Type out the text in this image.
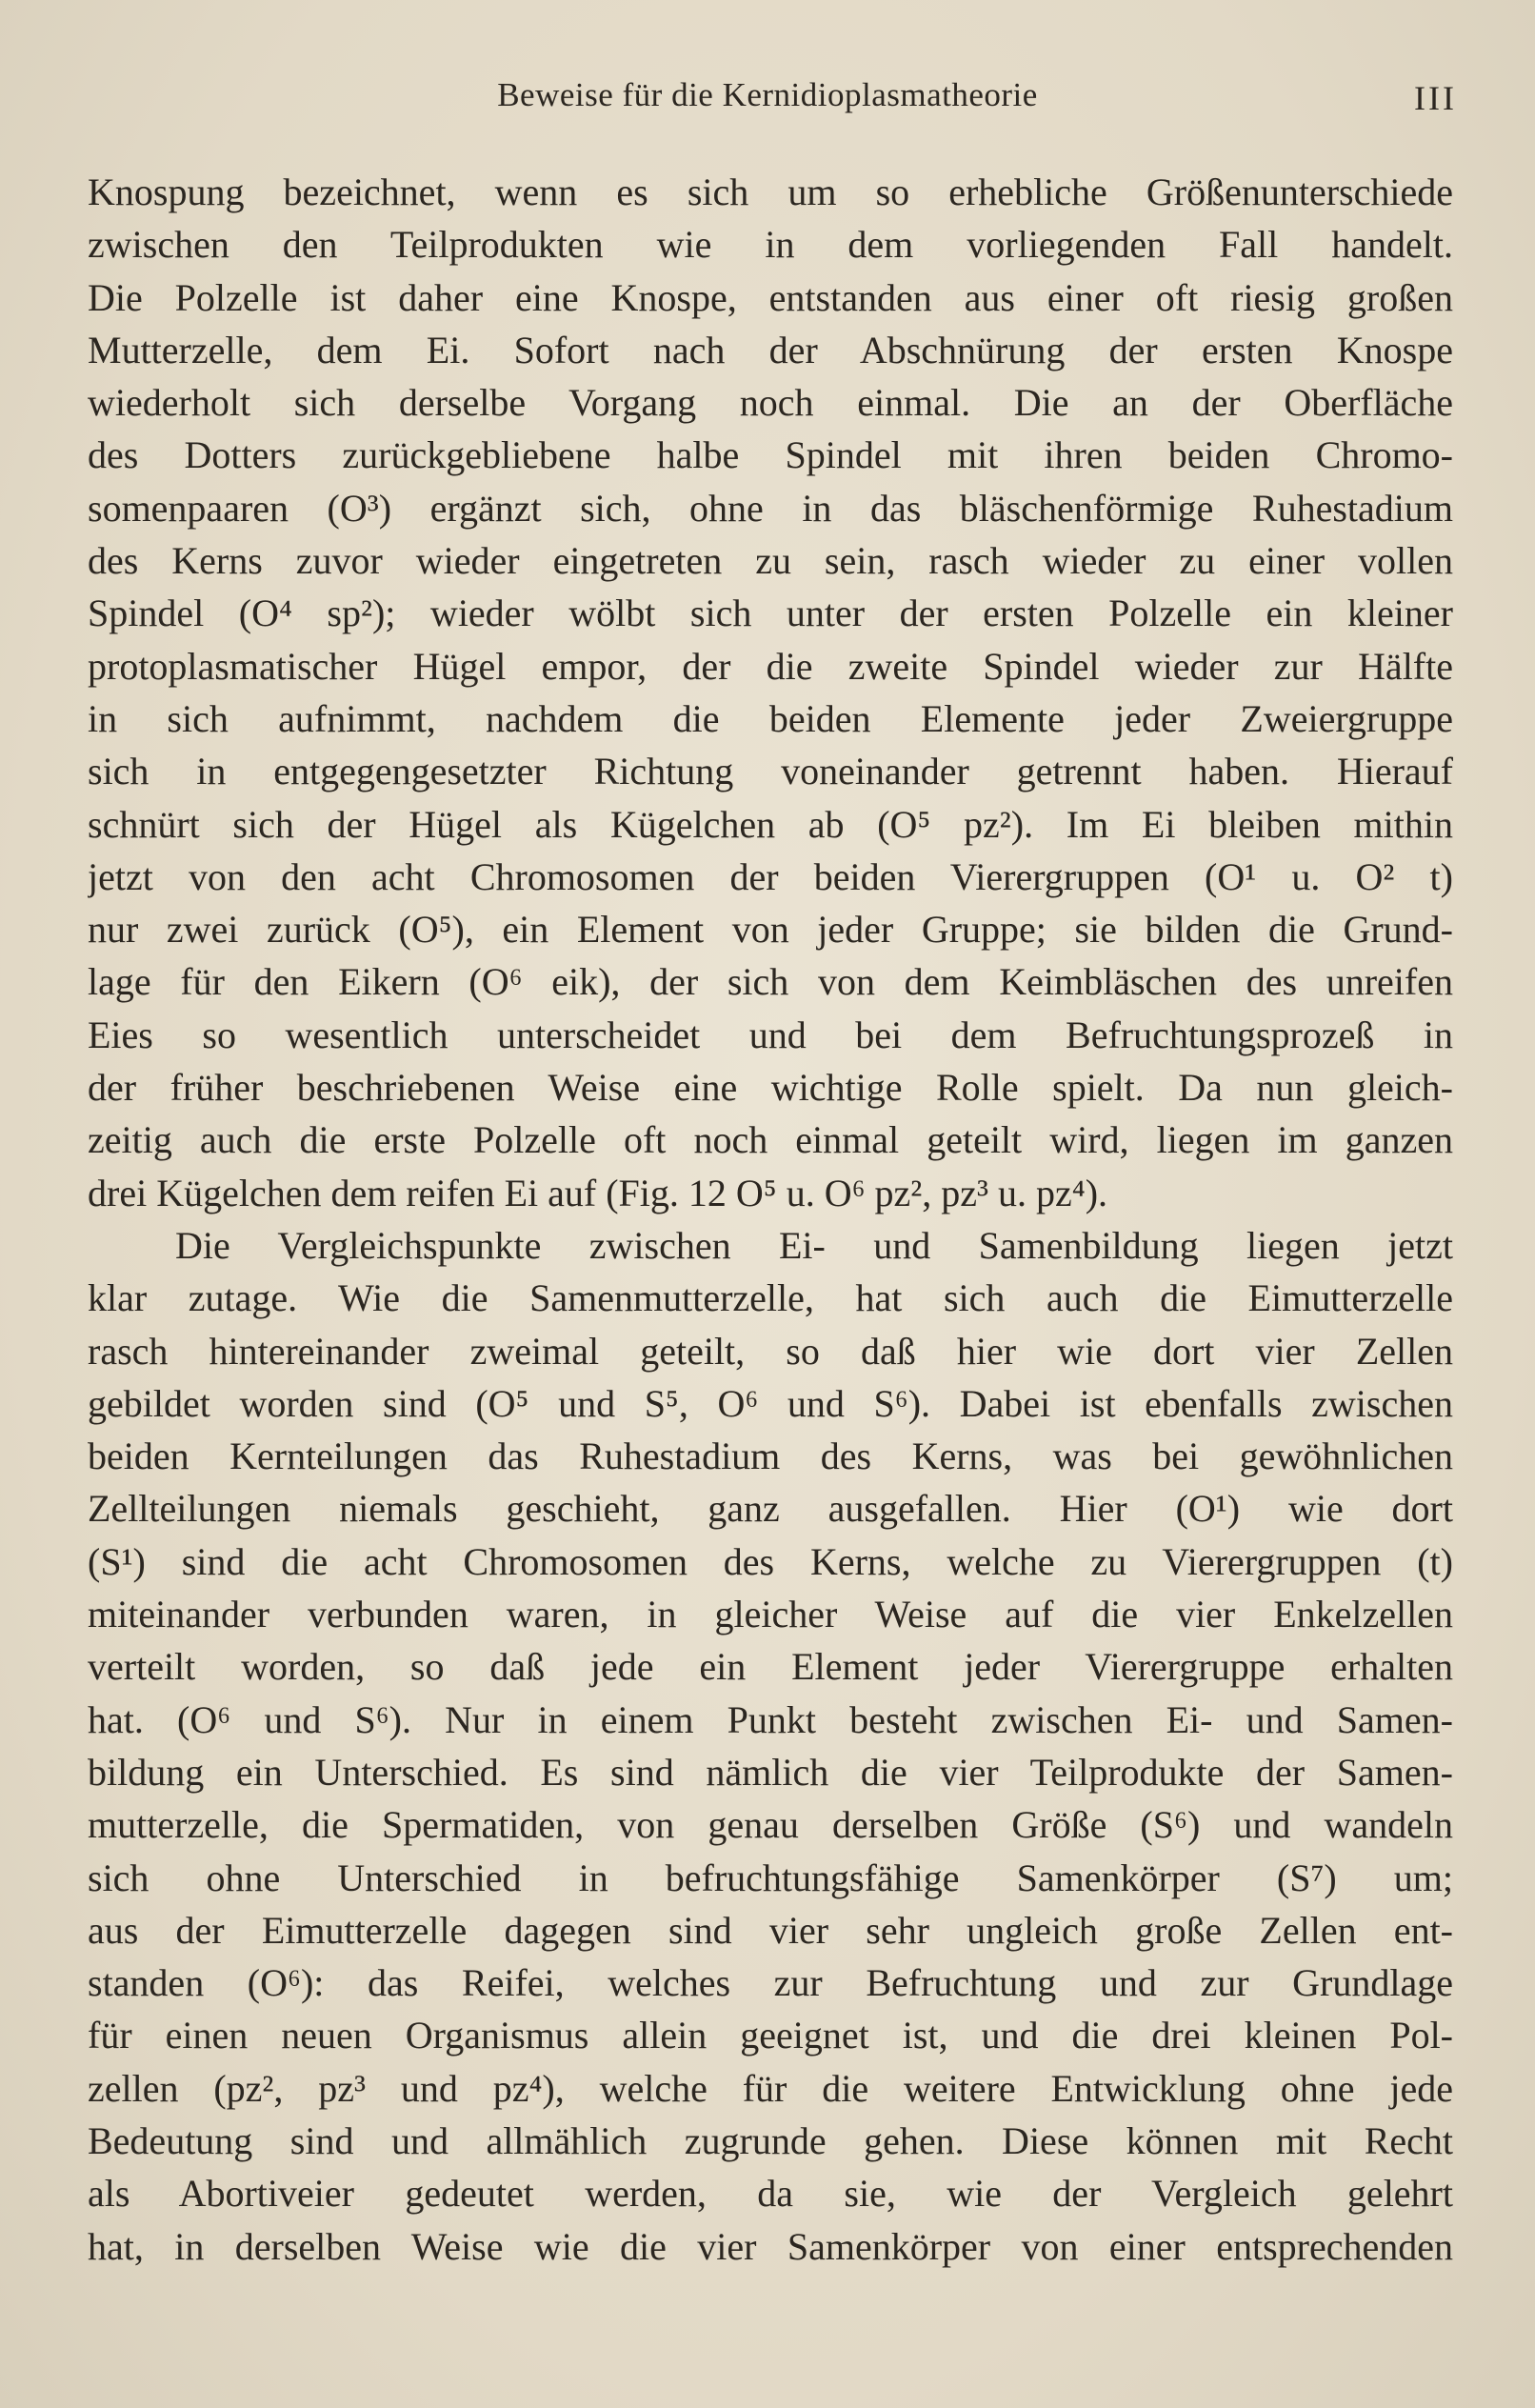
Beweise für die Kernidioplasmatheorie	III
Knospung bezeichnet, wenn es sich um so erhebliche Größenunterschiede
zwischen den Teilprodukten wie in dem vorliegenden Fall handelt.
Die Polzelle ist daher eine Knospe, entstanden aus einer oft riesig großen
Mutterzelle, dem Ei. Sofort nach der Abschnürung der ersten Knospe
wiederholt sich derselbe Vorgang noch einmal. Die an der Oberfläche
des Dotters zurückgebliebene halbe Spindel mit ihren beiden Chromo-
somenpaaren (O³) ergänzt sich, ohne in das bläschenförmige Ruhestadium
des Kerns zuvor wieder eingetreten zu sein, rasch wieder zu einer vollen
Spindel (O⁴ sp²); wieder wölbt sich unter der ersten Polzelle ein kleiner
protoplasmatischer Hügel empor, der die zweite Spindel wieder zur Hälfte
in sich aufnimmt, nachdem die beiden Elemente jeder Zweiergruppe
sich in entgegengesetzter Richtung voneinander getrennt haben. Hierauf
schnürt sich der Hügel als Kügelchen ab (O⁵ pz²). Im Ei bleiben mithin
jetzt von den acht Chromosomen der beiden Vierergruppen (O¹ u. O² t)
nur zwei zurück (O⁵), ein Element von jeder Gruppe; sie bilden die Grund-
lage für den Eikern (O⁶ eik), der sich von dem Keimbläschen des unreifen
Eies so wesentlich unterscheidet und bei dem Befruchtungsprozeß in
der früher beschriebenen Weise eine wichtige Rolle spielt. Da nun gleich-
zeitig auch die erste Polzelle oft noch einmal geteilt wird, liegen im ganzen
drei Kügelchen dem reifen Ei auf (Fig. 12 O⁵ u. O⁶ pz², pz³ u. pz⁴).
Die Vergleichspunkte zwischen Ei- und Samenbildung liegen jetzt
klar zutage. Wie die Samenmutterzelle, hat sich auch die Eimutterzelle
rasch hintereinander zweimal geteilt, so daß hier wie dort vier Zellen
gebildet worden sind (O⁵ und S⁵, O⁶ und S⁶). Dabei ist ebenfalls zwischen
beiden Kernteilungen das Ruhestadium des Kerns, was bei gewöhnlichen
Zellteilungen niemals geschieht, ganz ausgefallen. Hier (O¹) wie dort
(S¹) sind die acht Chromosomen des Kerns, welche zu Vierergruppen (t)
miteinander verbunden waren, in gleicher Weise auf die vier Enkelzellen
verteilt worden, so daß jede ein Element jeder Vierergruppe erhalten
hat. (O⁶ und S⁶). Nur in einem Punkt besteht zwischen Ei- und Samen-
bildung ein Unterschied. Es sind nämlich die vier Teilprodukte der Samen-
mutterzelle, die Spermatiden, von genau derselben Größe (S⁶) und wandeln
sich ohne Unterschied in befruchtungsfähige Samenkörper (S⁷) um;
aus der Eimutterzelle dagegen sind vier sehr ungleich große Zellen ent-
standen (O⁶): das Reifei, welches zur Befruchtung und zur Grundlage
für einen neuen Organismus allein geeignet ist, und die drei kleinen Pol-
zellen (pz², pz³ und pz⁴), welche für die weitere Entwicklung ohne jede
Bedeutung sind und allmählich zugrunde gehen. Diese können mit Recht
als Abortiveier gedeutet werden, da sie, wie der Vergleich gelehrt
hat, in derselben Weise wie die vier Samenkörper von einer entsprechenden
